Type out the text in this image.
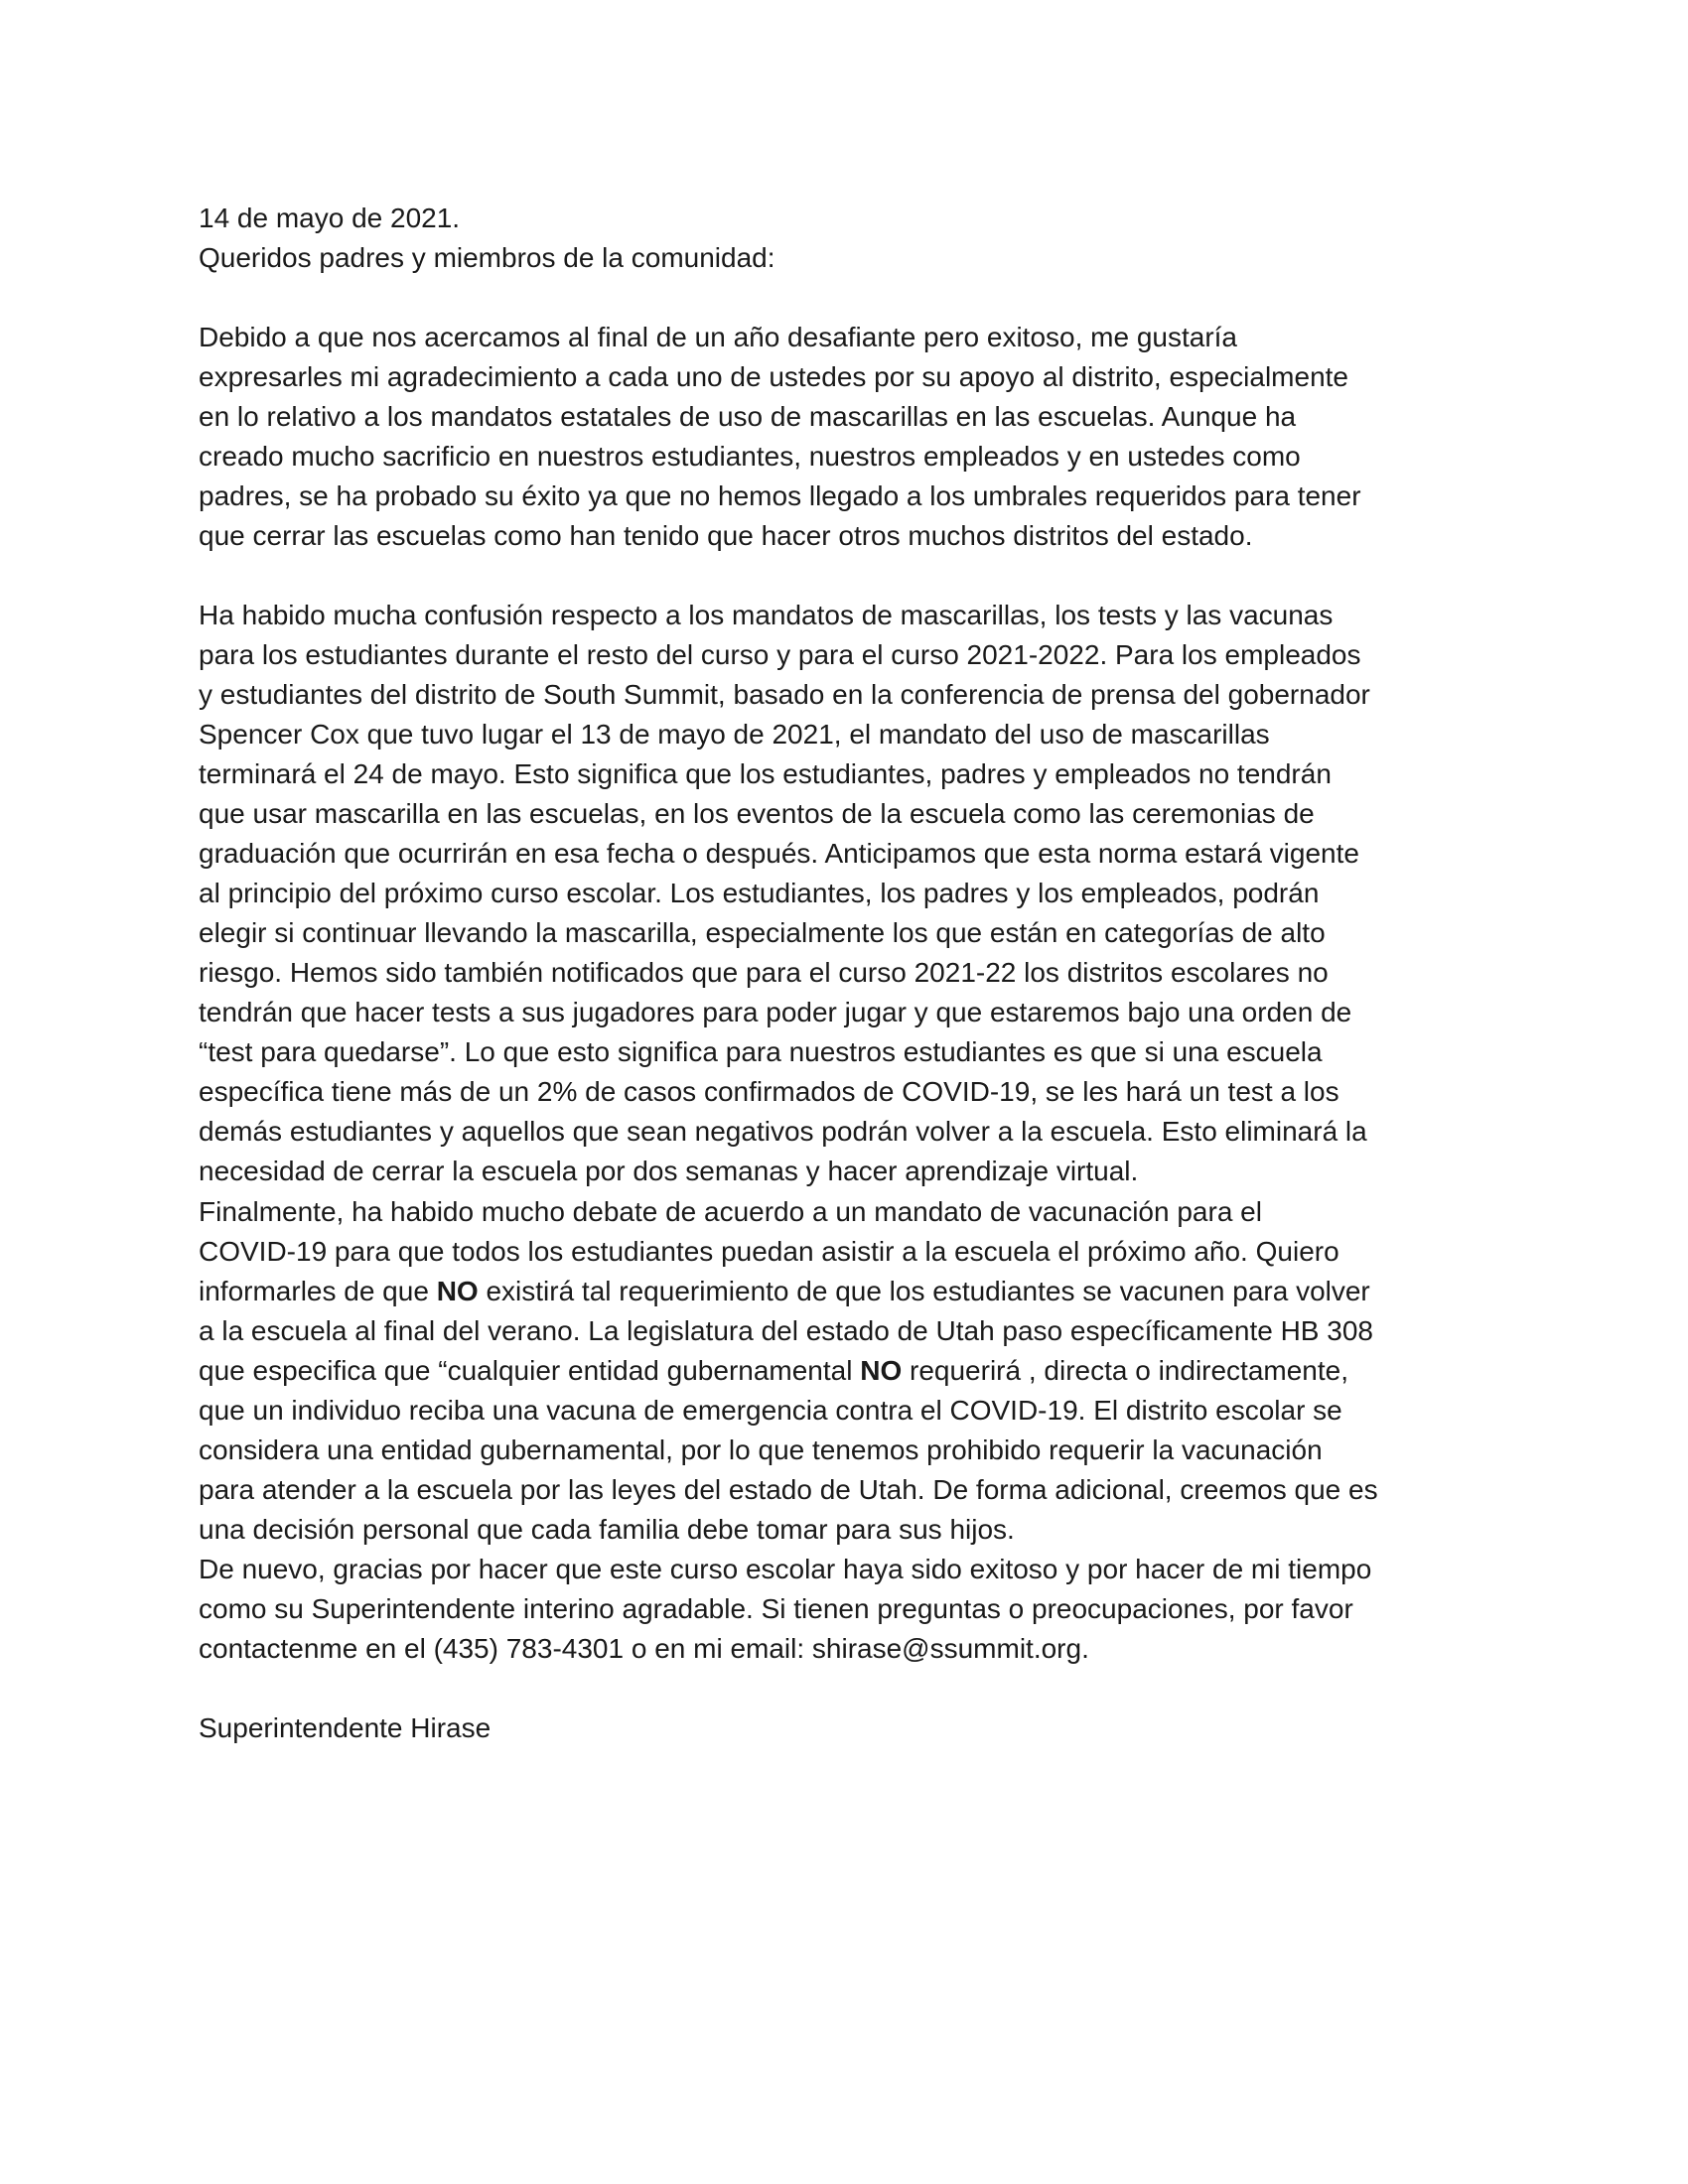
14 de mayo de 2021.
Queridos padres y miembros de la comunidad:
Debido a que nos acercamos al final de un año desafiante pero exitoso, me gustaría
expresarles mi agradecimiento a cada uno de ustedes por su apoyo al distrito, especialmente
en lo relativo a los mandatos estatales de uso de mascarillas en las escuelas. Aunque ha
creado mucho sacrificio en nuestros estudiantes, nuestros empleados y en ustedes como
padres, se ha probado su éxito ya que no hemos llegado a los umbrales requeridos para tener
que cerrar las escuelas como han tenido que hacer otros muchos distritos del estado.
Ha habido mucha confusión respecto a los mandatos de mascarillas, los tests y las vacunas
para los estudiantes durante el resto del curso y para el curso 2021-2022. Para los empleados
y estudiantes del distrito de South Summit, basado en la conferencia de prensa del gobernador
Spencer Cox que tuvo lugar el 13 de mayo de 2021, el mandato del uso de mascarillas
terminará el 24 de mayo. Esto significa que los estudiantes, padres y empleados no tendrán
que usar mascarilla en las escuelas, en los eventos de la escuela como las ceremonias de
graduación que ocurrirán en esa fecha o después. Anticipamos que esta norma estará vigente
al principio del próximo curso escolar. Los estudiantes, los padres y los empleados, podrán
elegir si continuar llevando la mascarilla, especialmente los que están en categorías de alto
riesgo. Hemos sido también notificados que para el curso 2021-22 los distritos escolares no
tendrán que hacer tests a sus jugadores para poder jugar y que estaremos bajo una orden de
“test para quedarse”. Lo que esto significa para nuestros estudiantes es que si una escuela
específica tiene más de un 2% de casos confirmados de COVID-19, se les hará un test a los
demás estudiantes y aquellos que sean negativos podrán volver a la escuela. Esto eliminará la
necesidad de cerrar la escuela por dos semanas y hacer aprendizaje virtual.
Finalmente, ha habido mucho debate de acuerdo a un mandato de vacunación para el
COVID-19 para que todos los estudiantes puedan asistir a la escuela el próximo año. Quiero
informarles de que NO existirá tal requerimiento de que los estudiantes se vacunen para volver
a la escuela al final del verano. La legislatura del estado de Utah paso específicamente HB 308
que especifica que “cualquier entidad gubernamental NO requerirá , directa o indirectamente,
que un individuo reciba una vacuna de emergencia contra el COVID-19. El distrito escolar se
considera una entidad gubernamental, por lo que tenemos prohibido requerir la vacunación
para atender a la escuela por las leyes del estado de Utah. De forma adicional, creemos que es
una decisión personal que cada familia debe tomar para sus hijos.
De nuevo, gracias por hacer que este curso escolar haya sido exitoso y por hacer de mi tiempo
como su Superintendente interino agradable. Si tienen preguntas o preocupaciones, por favor
contactenme en el (435) 783-4301 o en mi email: shirase@ssummit.org.
Superintendente Hirase
